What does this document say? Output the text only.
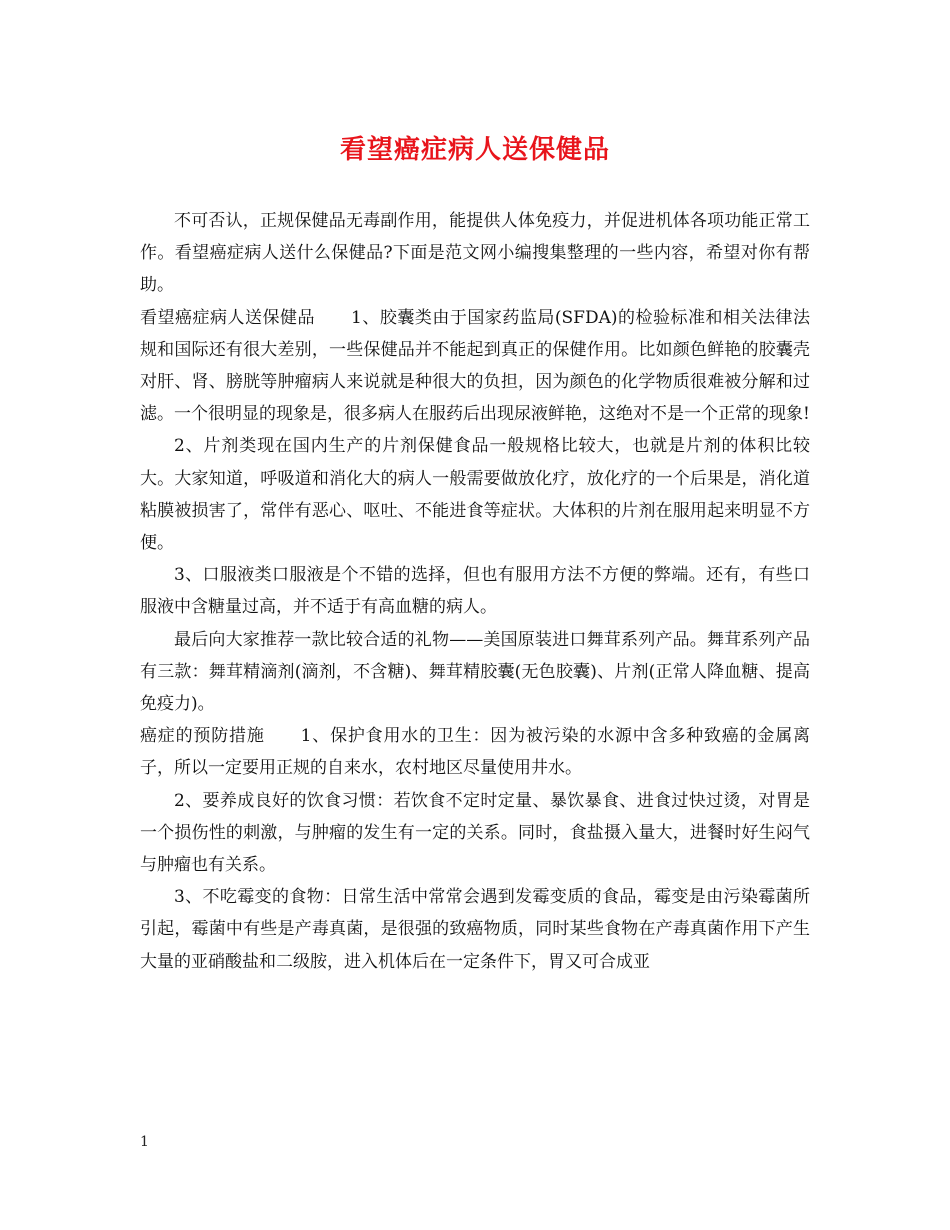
看望癌症病人送保健品

不可否认，正规保健品无毒副作用，能提供人体免疫力，并促进机体各项功能正常工作。看望癌症病人送什么保健品?下面是范文网小编搜集整理的一些内容，希望对你有帮助。

看望癌症病人送保健品 1、胶囊类由于国家药监局(SFDA)的检验标准和相关法律法规和国际还有很大差别，一些保健品并不能起到真正的保健作用。比如颜色鲜艳的胶囊壳对肝、肾、膀胱等肿瘤病人来说就是种很大的负担，因为颜色的化学物质很难被分解和过滤。一个很明显的现象是，很多病人在服药后出现尿液鲜艳，这绝对不是一个正常的现象!

2、片剂类现在国内生产的片剂保健食品一般规格比较大，也就是片剂的体积比较大。大家知道，呼吸道和消化大的病人一般需要做放化疗，放化疗的一个后果是，消化道粘膜被损害了，常伴有恶心、呕吐、不能进食等症状。大体积的片剂在服用起来明显不方便。

3、口服液类口服液是个不错的选择，但也有服用方法不方便的弊端。还有，有些口服液中含糖量过高，并不适于有高血糖的病人。

最后向大家推荐一款比较合适的礼物——美国原装进口舞茸系列产品。舞茸系列产品有三款：舞茸精滴剂(滴剂，不含糖)、舞茸精胶囊(无色胶囊)、片剂(正常人降血糖、提高免疫力)。

癌症的预防措施 1、保护食用水的卫生：因为被污染的水源中含多种致癌的金属离子，所以一定要用正规的自来水，农村地区尽量使用井水。

2、要养成良好的饮食习惯：若饮食不定时定量、暴饮暴食、进食过快过烫，对胃是一个损伤性的刺激，与肿瘤的发生有一定的关系。同时，食盐摄入量大，进餐时好生闷气与肿瘤也有关系。

3、不吃霉变的食物：日常生活中常常会遇到发霉变质的食品，霉变是由污染霉菌所引起，霉菌中有些是产毒真菌，是很强的致癌物质，同时某些食物在产毒真菌作用下产生大量的亚硝酸盐和二级胺，进入机体后在一定条件下，胃又可合成亚

1
